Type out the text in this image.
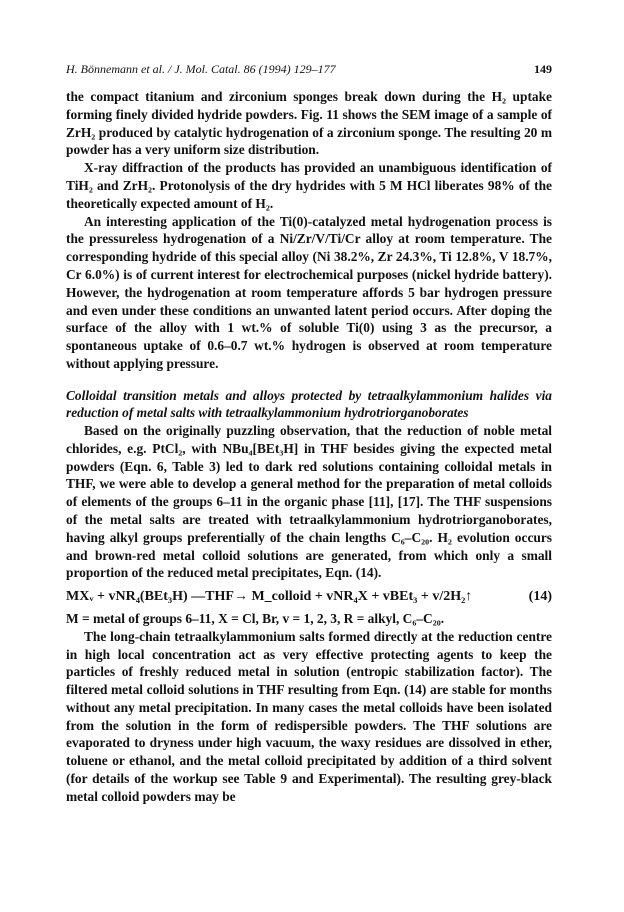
H. Bönnemann et al. / J. Mol. Catal. 86 (1994) 129–177	149

the compact titanium and zirconium sponges break down during the H₂ uptake forming finely divided hydride powders. Fig. 11 shows the SEM image of a sample of ZrH₂ produced by catalytic hydrogenation of a zirconium sponge. The resulting 20 m powder has a very uniform size distribution.

X-ray diffraction of the products has provided an unambiguous identification of TiH₂ and ZrH₂. Protonolysis of the dry hydrides with 5 M HCl liberates 98% of the theoretically expected amount of H₂.

An interesting application of the Ti(0)-catalyzed metal hydrogenation process is the pressureless hydrogenation of a Ni/Zr/V/Ti/Cr alloy at room temperature. The corresponding hydride of this special alloy (Ni 38.2%, Zr 24.3%, Ti 12.8%, V 18.7%, Cr 6.0%) is of current interest for electrochemical purposes (nickel hydride battery). However, the hydrogenation at room temperature affords 5 bar hydrogen pressure and even under these conditions an unwanted latent period occurs. After doping the surface of the alloy with 1 wt.% of soluble Ti(0) using 3 as the precursor, a spontaneous uptake of 0.6–0.7 wt.% hydrogen is observed at room temperature without applying pressure.

Colloidal transition metals and alloys protected by tetraalkylammonium halides via reduction of metal salts with tetraalkylammonium hydrotriorganoborates

Based on the originally puzzling observation, that the reduction of noble metal chlorides, e.g. PtCl₂, with NBu₄[BEt₃H] in THF besides giving the expected metal powders (Eqn. 6, Table 3) led to dark red solutions containing colloidal metals in THF, we were able to develop a general method for the preparation of metal colloids of elements of the groups 6–11 in the organic phase [11], [17]. The THF suspensions of the metal salts are treated with tetraalkylammonium hydrotriorganoborates, having alkyl groups preferentially of the chain lengths C₆–C₂₀. H₂ evolution occurs and brown-red metal colloid solutions are generated, from which only a small proportion of the reduced metal precipitates, Eqn. (14).

MXᵥ + vNR₄(BEt₃H) —THF→ M_colloid + vNR₄X + vBEt₃ + v/2H₂↑	(14)

M = metal of groups 6–11, X = Cl, Br, v = 1, 2, 3, R = alkyl, C₆–C₂₀.

The long-chain tetraalkylammonium salts formed directly at the reduction centre in high local concentration act as very effective protecting agents to keep the particles of freshly reduced metal in solution (entropic stabilization factor). The filtered metal colloid solutions in THF resulting from Eqn. (14) are stable for months without any metal precipitation. In many cases the metal colloids have been isolated from the solution in the form of redispersible powders. The THF solutions are evaporated to dryness under high vacuum, the waxy residues are dissolved in ether, toluene or ethanol, and the metal colloid precipitated by addition of a third solvent (for details of the workup see Table 9 and Experimental). The resulting grey-black metal colloid powders may be
